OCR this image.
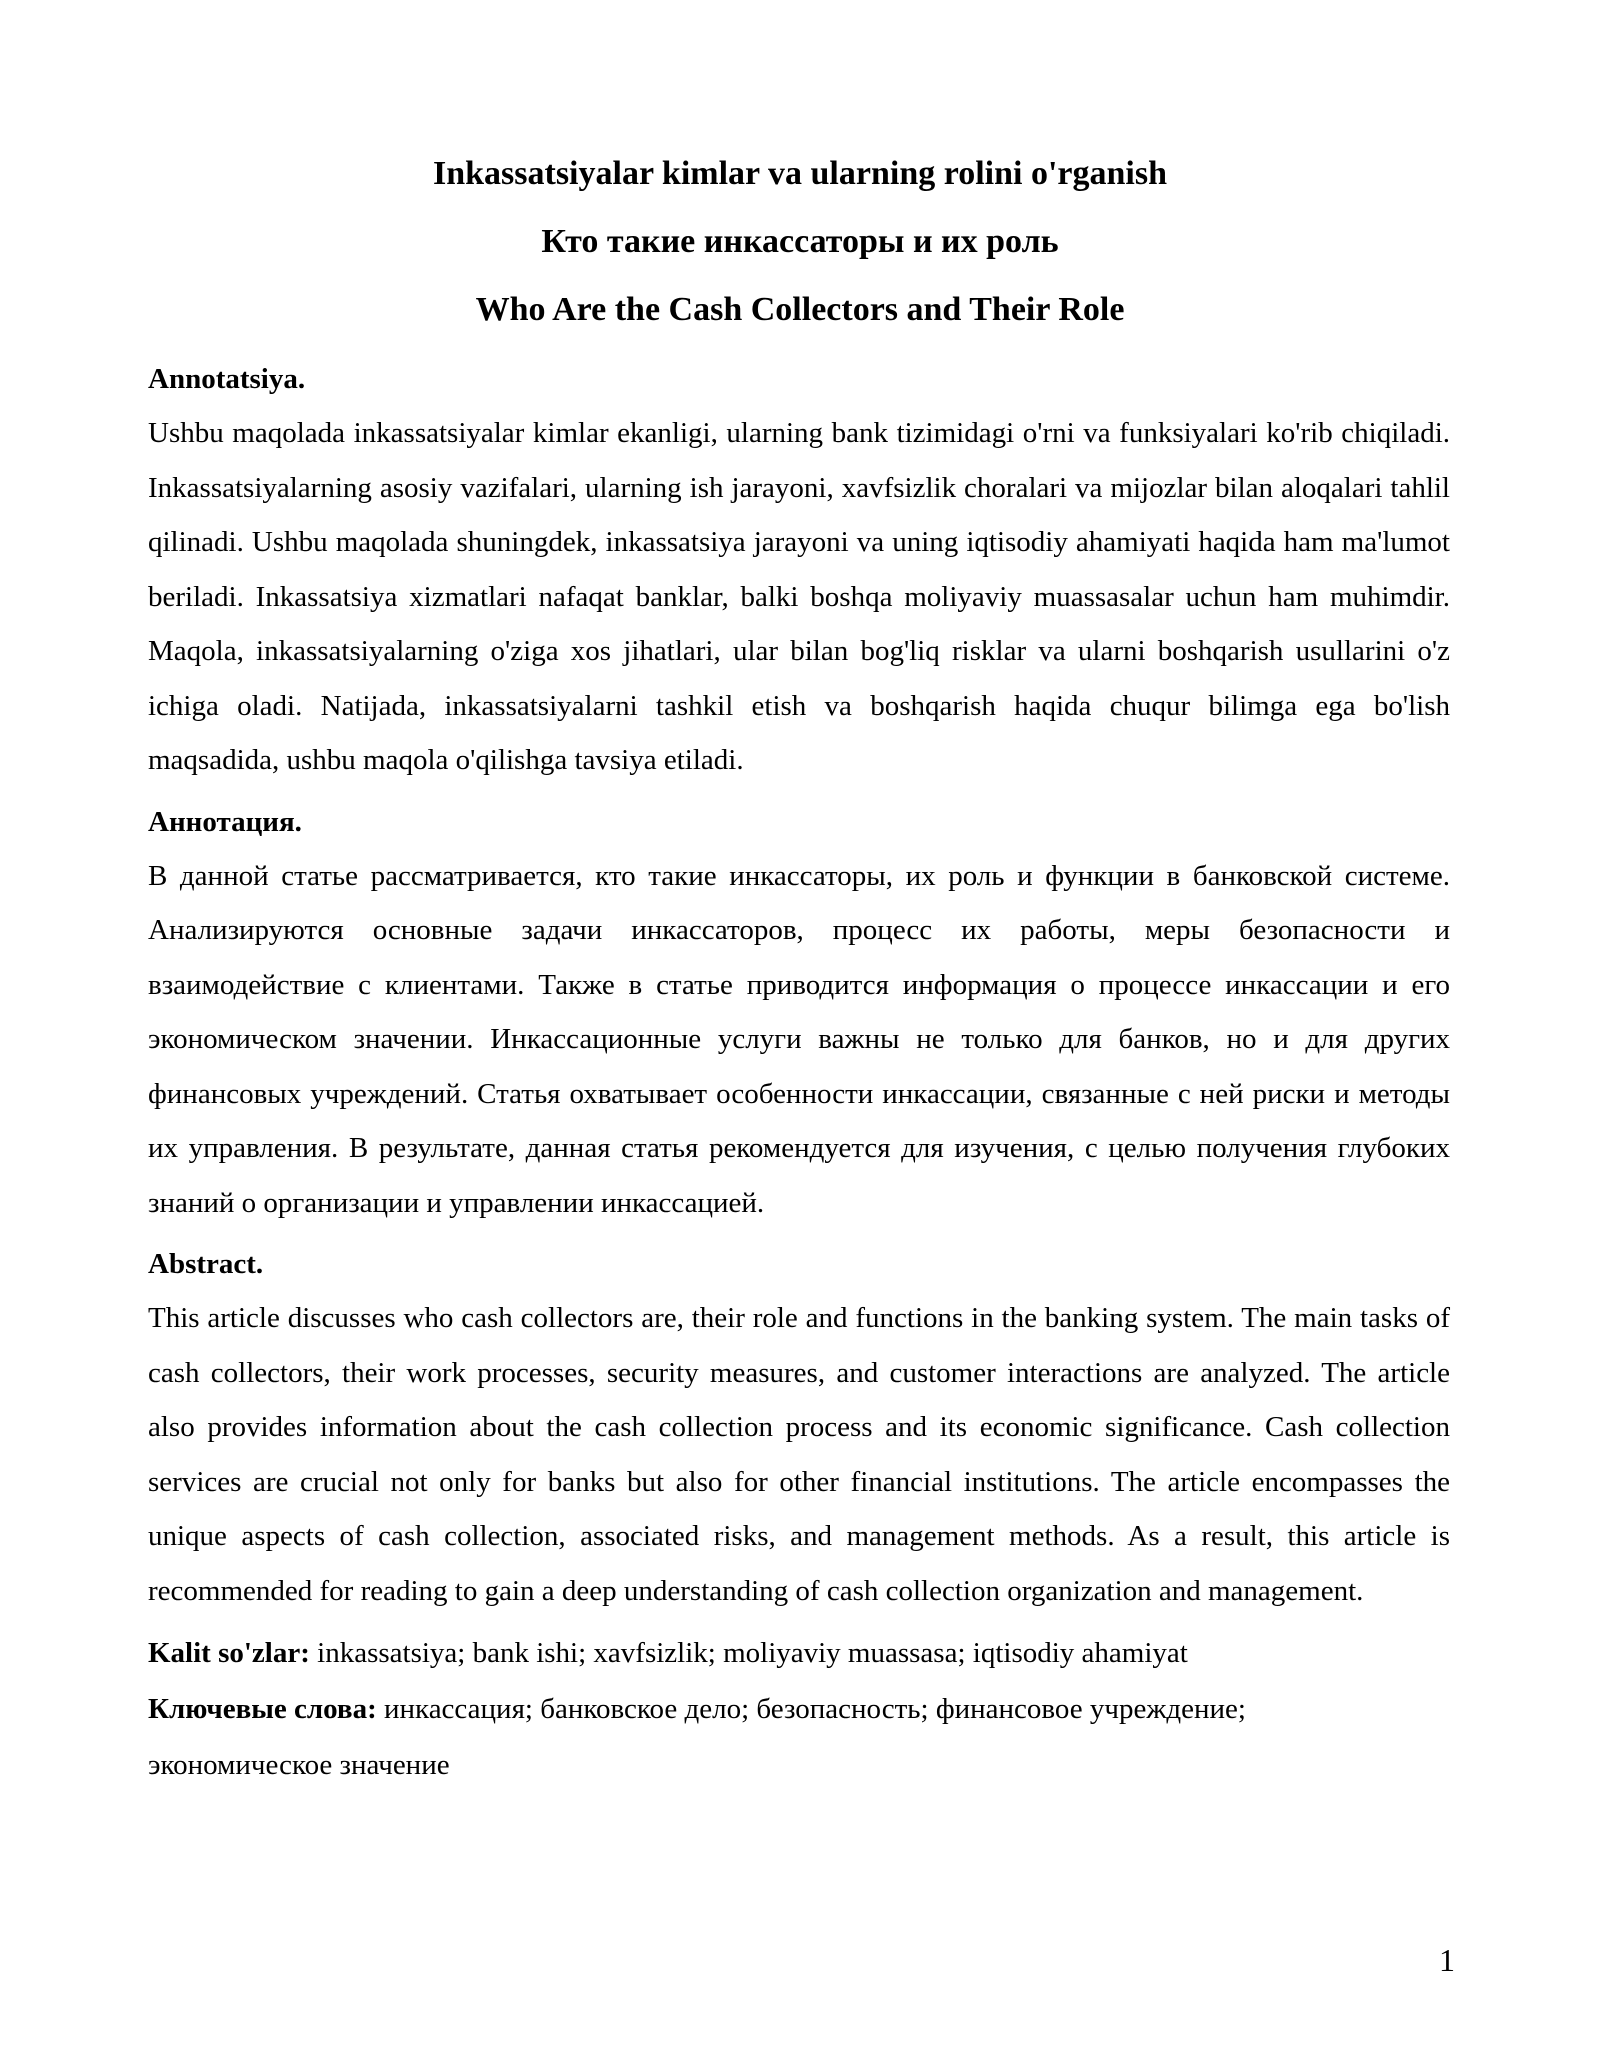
Inkassatsiyalar kimlar va ularning rolini o'rganish

Кто такие инкассаторы и их роль

Who Are the Cash Collectors and Their Role

Annotatsiya.

Ushbu maqolada inkassatsiyalar kimlar ekanligi, ularning bank tizimidagi o'rni va funksiyalari ko'rib chiqiladi. Inkassatsiyalarning asosiy vazifalari, ularning ish jarayoni, xavfsizlik choralari va mijozlar bilan aloqalari tahlil qilinadi. Ushbu maqolada shuningdek, inkassatsiya jarayoni va uning iqtisodiy ahamiyati haqida ham ma'lumot beriladi. Inkassatsiya xizmatlari nafaqat banklar, balki boshqa moliyaviy muassasalar uchun ham muhimdir. Maqola, inkassatsiyalarning o'ziga xos jihatlari, ular bilan bog'liq risklar va ularni boshqarish usullarini o'z ichiga oladi. Natijada, inkassatsiyalarni tashkil etish va boshqarish haqida chuqur bilimga ega bo'lish maqsadida, ushbu maqola o'qilishga tavsiya etiladi.

Аннотация.

В данной статье рассматривается, кто такие инкассаторы, их роль и функции в банковской системе. Анализируются основные задачи инкассаторов, процесс их работы, меры безопасности и взаимодействие с клиентами. Также в статье приводится информация о процессе инкассации и его экономическом значении. Инкассационные услуги важны не только для банков, но и для других финансовых учреждений. Статья охватывает особенности инкассации, связанные с ней риски и методы их управления. В результате, данная статья рекомендуется для изучения, с целью получения глубоких знаний о организации и управлении инкассацией.

Abstract.

This article discusses who cash collectors are, their role and functions in the banking system. The main tasks of cash collectors, their work processes, security measures, and customer interactions are analyzed. The article also provides information about the cash collection process and its economic significance. Cash collection services are crucial not only for banks but also for other financial institutions. The article encompasses the unique aspects of cash collection, associated risks, and management methods. As a result, this article is recommended for reading to gain a deep understanding of cash collection organization and management.

Kalit so'zlar: inkassatsiya; bank ishi; xavfsizlik; moliyaviy muassasa; iqtisodiy ahamiyat

Ключевые слова: инкассация; банковское дело; безопасность; финансовое учреждение; экономическое значение

1
